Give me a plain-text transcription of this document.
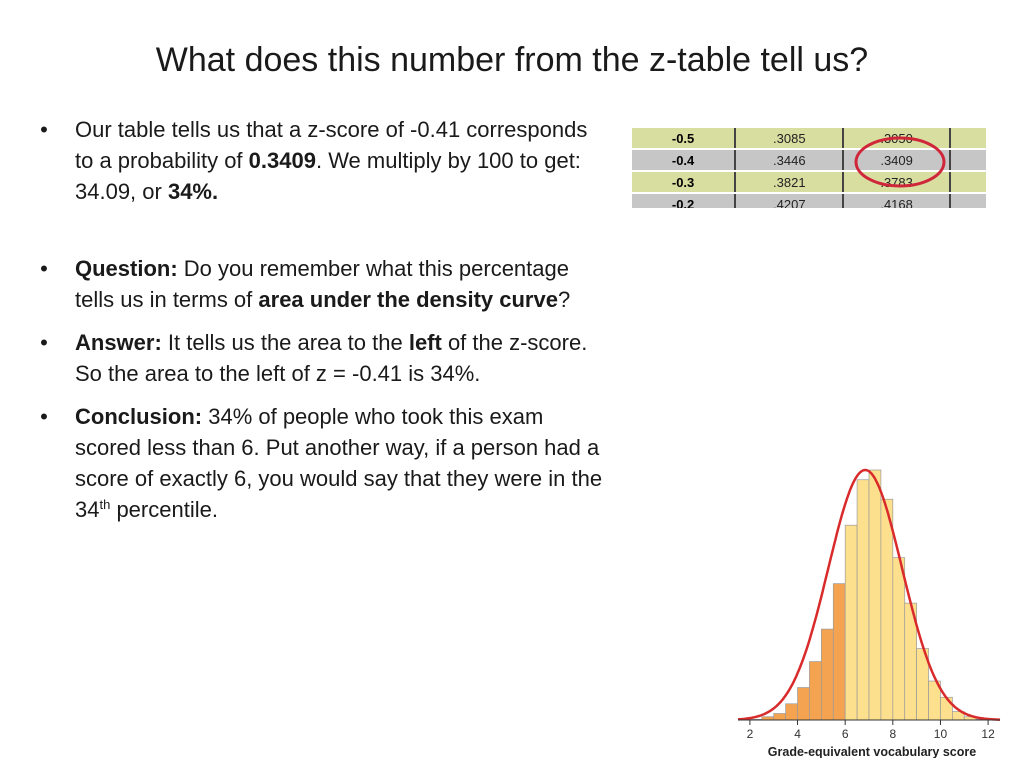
What does this number from the z-table tell us?
• Our table tells us that a z-score of -0.41 corresponds to a probability of 0.3409. We multiply by 100 to get: 34.09, or 34%.
• Question: Do you remember what this percentage tells us in terms of area under the density curve?
• Answer: It tells us the area to the left of the z-score. So the area to the left of z = -0.41 is 34%.
• Conclusion: 34% of people who took this exam scored less than 6. Put another way, if a person had a score of exactly 6, you would say that they were in the 34th percentile.
-0.5	.3085	.3050	
-0.4	.3446	.3409	
-0.3	.3821	.3783	
-0.2	.4207	.4168	
2	4	6	8	10	12
Grade-equivalent vocabulary score
